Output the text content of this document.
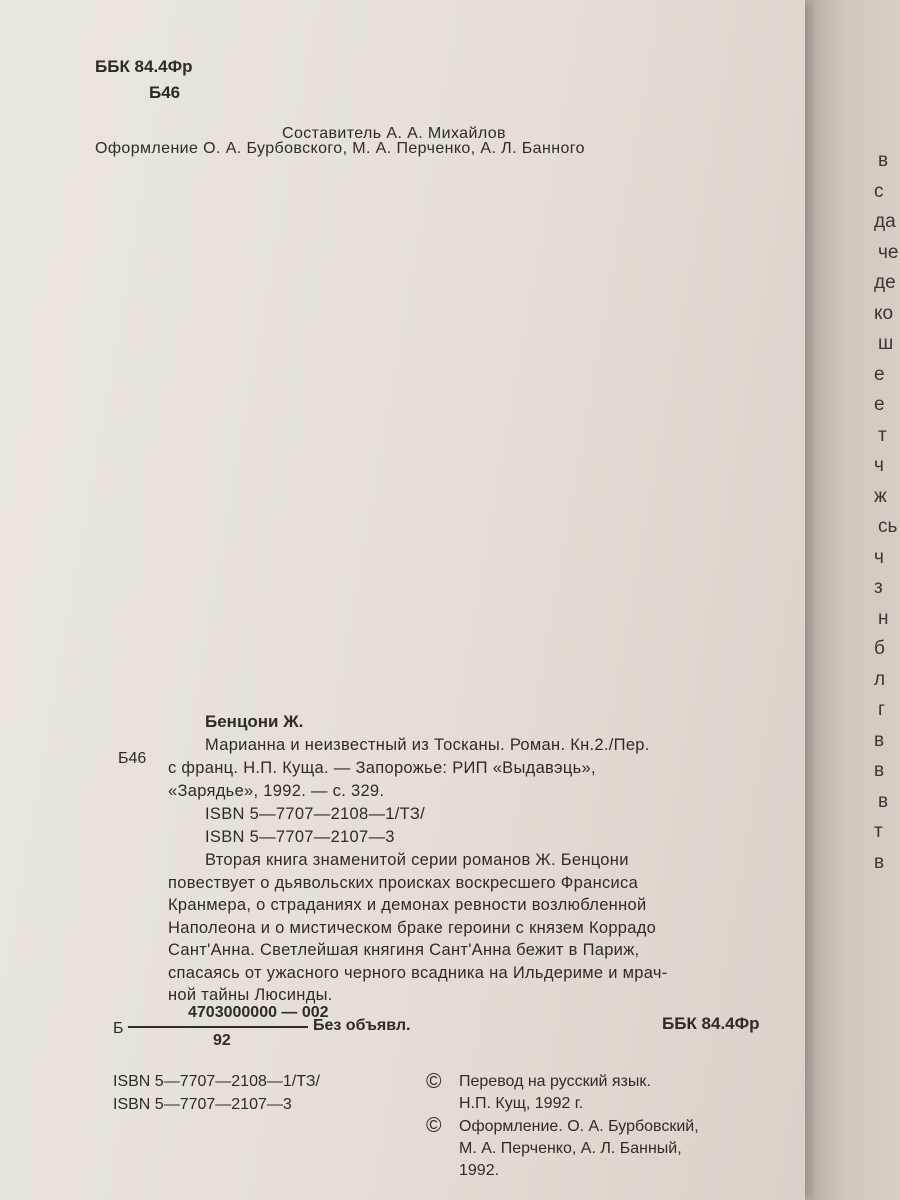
в
с
да
че
де
ко
ш
е
е
т
ч
ж
сь
ч
з
н
б
л
г
в
в
в
т
в
ББК 84.4Фр
Б46
Составитель А. А. Михайлов
Оформление О. А. Бурбовского, М. А. Перченко, А. Л. Банного
Бенцони Ж.
Б46
Марианна и неизвестный из Тосканы. Роман. Кн.2./Пер.
с франц. Н.П. Куща. — Запорожье: РИП «Выдавэць»,
«Зарядье», 1992. — с. 329.
ISBN 5—7707—2108—1/ТЗ/
ISBN 5—7707—2107—3
Вторая книга знаменитой серии романов Ж. Бенцони
повествует о дьявольских происках воскресшего Франсиса
Кранмера, о страданиях и демонах ревности возлюбленной
Наполеона и о мистическом браке героини с князем Коррадо
Сант'Анна. Светлейшая княгиня Сант'Анна бежит в Париж,
спасаясь от ужасного черного всадника на Ильдериме и мрач-
ной тайны Люсинды.
Б
4703000000 — 002
92
Без объявл.	ББК 84.4Фр
ISBN 5—7707—2108—1/ТЗ/
ISBN 5—7707—2107—3
© Перевод на русский язык.
Н.П. Кущ, 1992 г.
© Оформление. О. А. Бурбовский,
М. А. Перченко, А. Л. Банный,
1992.
